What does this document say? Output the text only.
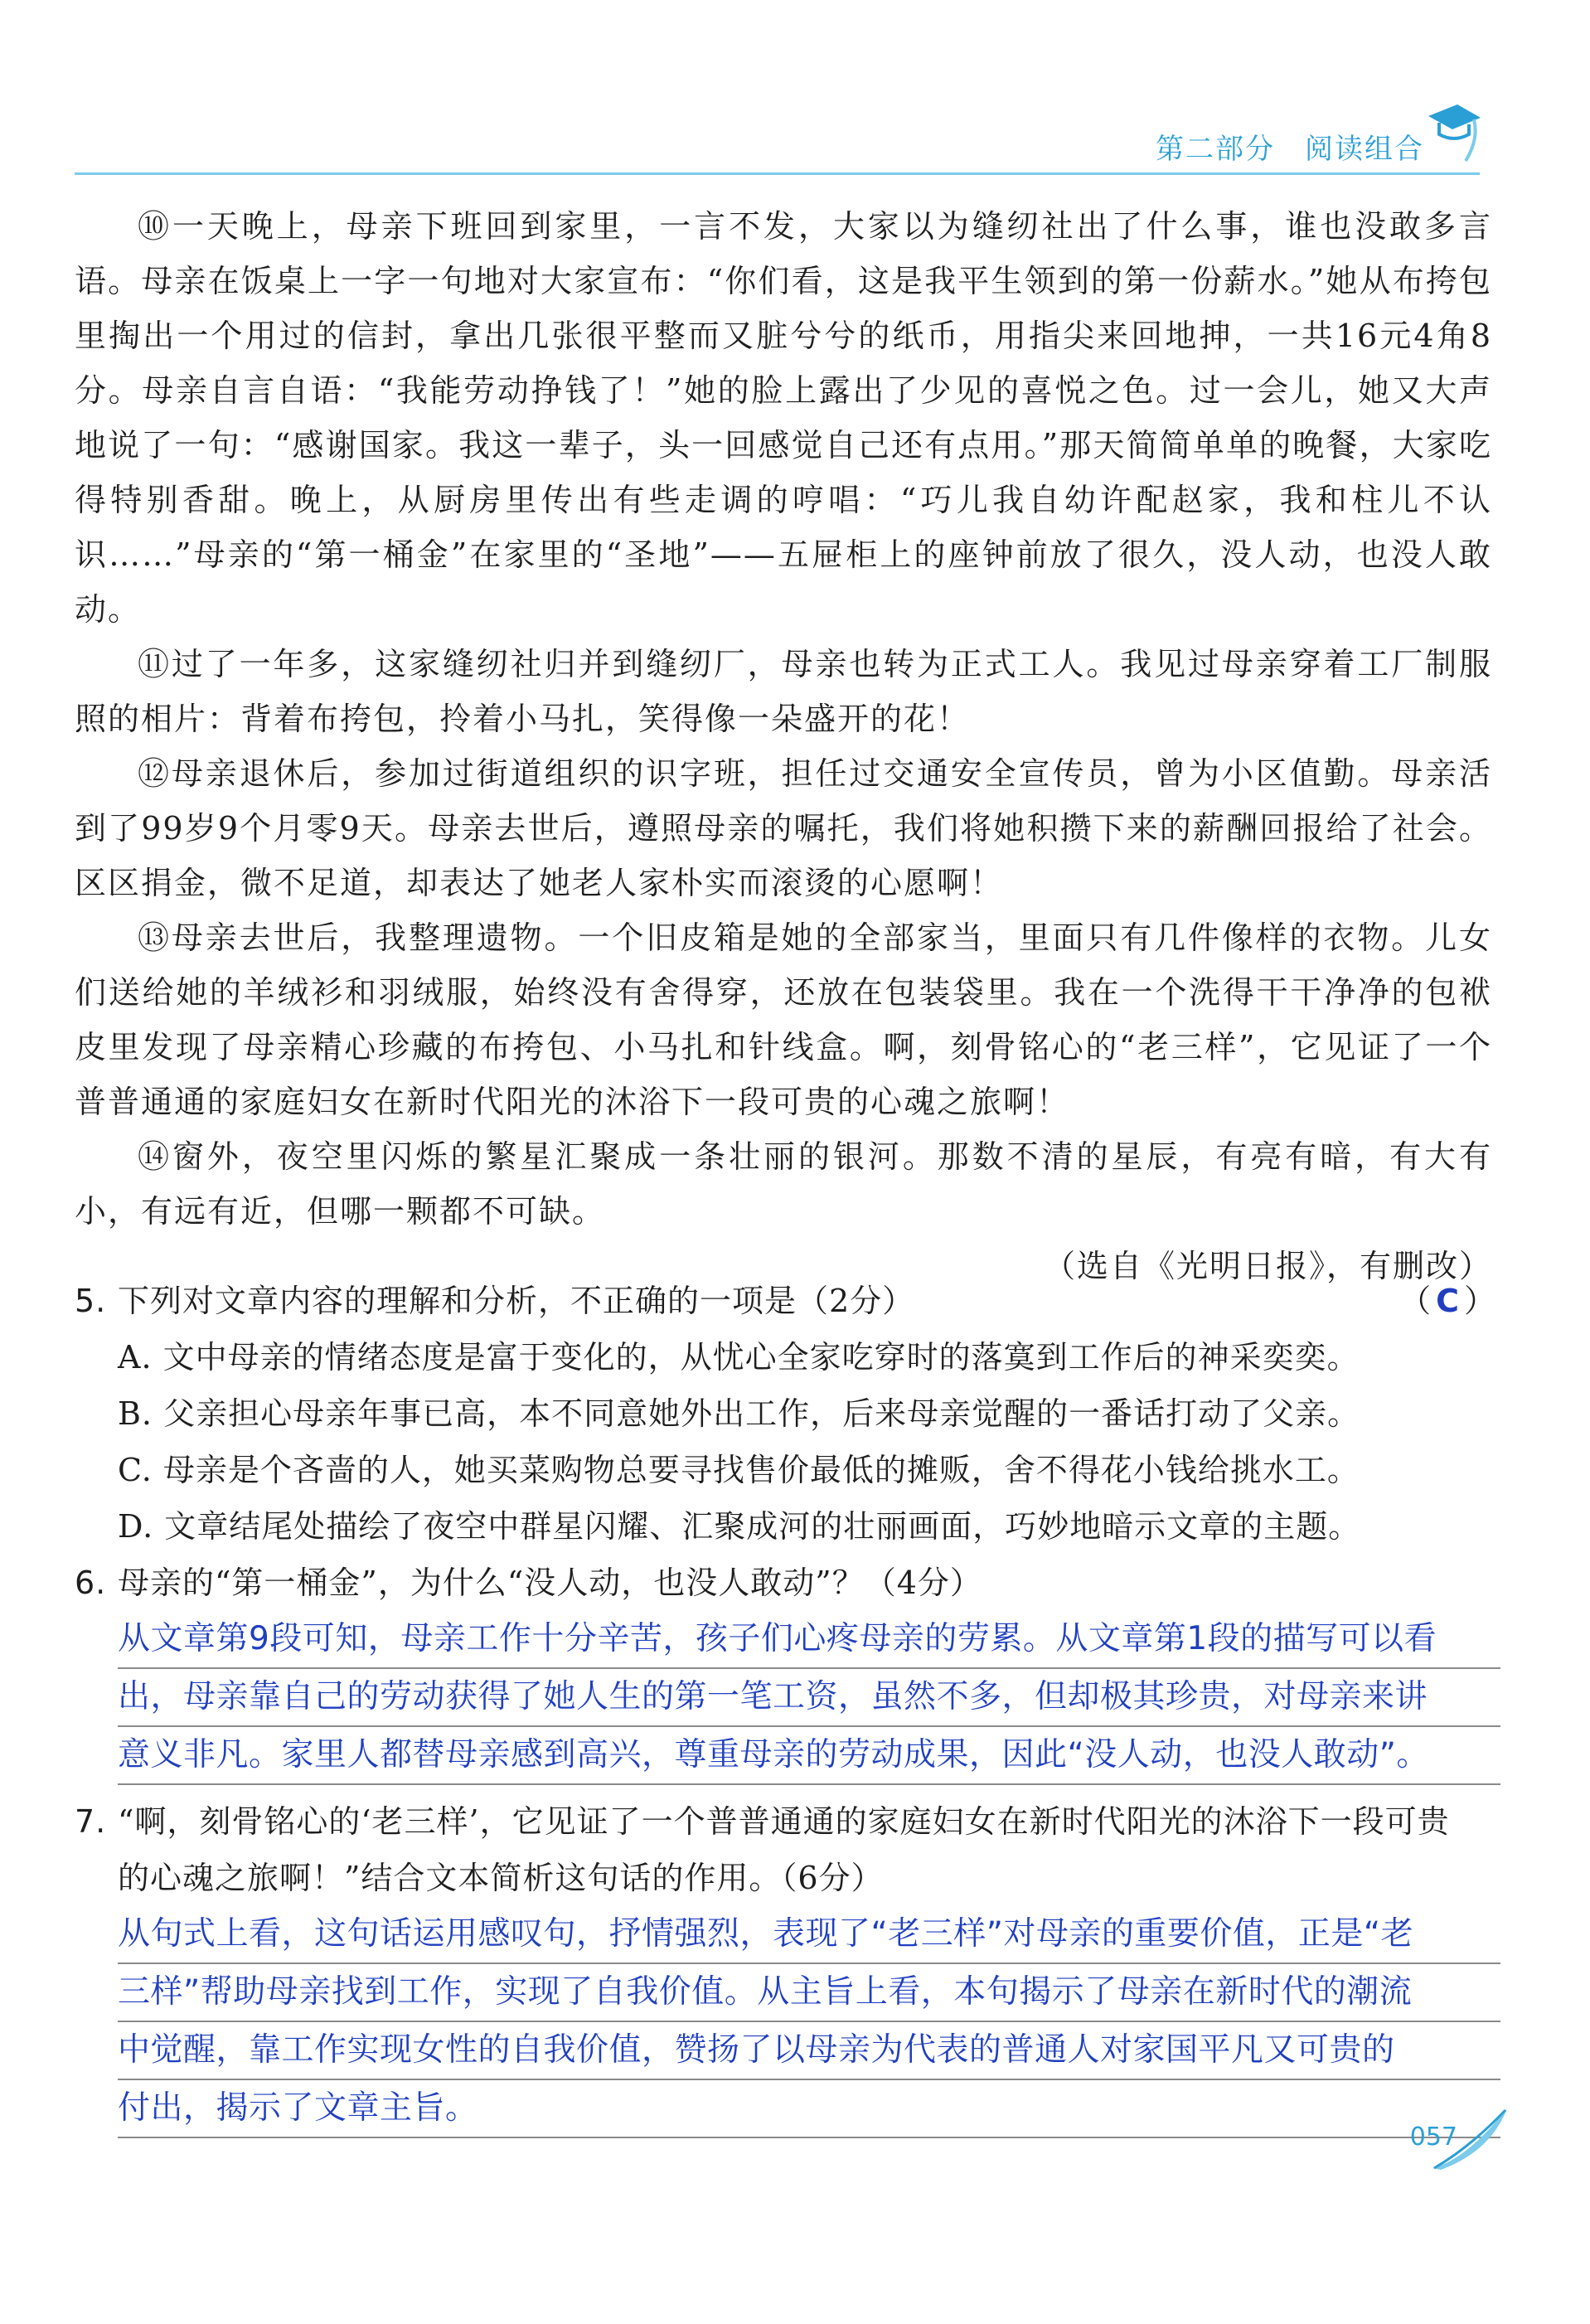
第二部分　阅读组合

⑩一天晚上，母亲下班回到家里，一言不发，大家以为缝纫社出了什么事，谁也没敢多言语。母亲在饭桌上一字一句地对大家宣布：“你们看，这是我平生领到的第一份薪水。”她从布挎包里掏出一个用过的信封，拿出几张很平整而又脏兮兮的纸币，用指尖来回地抻，一共16元4角8分。母亲自言自语：“我能劳动挣钱了！”她的脸上露出了少见的喜悦之色。过一会儿，她又大声地说了一句：“感谢国家。我这一辈子，头一回感觉自己还有点用。”那天简简单单的晚餐，大家吃得特别香甜。晚上，从厨房里传出有些走调的哼唱：“巧儿我自幼许配赵家，我和柱儿不认识……”母亲的“第一桶金”在家里的“圣地”——五屉柜上的座钟前放了很久，没人动，也没人敢动。

⑪过了一年多，这家缝纫社归并到缝纫厂，母亲也转为正式工人。我见过母亲穿着工厂制服照的相片：背着布挎包，拎着小马扎，笑得像一朵盛开的花！

⑫母亲退休后，参加过街道组织的识字班，担任过交通安全宣传员，曾为小区值勤。母亲活到了99岁9个月零9天。母亲去世后，遵照母亲的嘱托，我们将她积攒下来的薪酬回报给了社会。区区捐金，微不足道，却表达了她老人家朴实而滚烫的心愿啊！

⑬母亲去世后，我整理遗物。一个旧皮箱是她的全部家当，里面只有几件像样的衣物。儿女们送给她的羊绒衫和羽绒服，始终没有舍得穿，还放在包装袋里。我在一个洗得干干净净的包袱皮里发现了母亲精心珍藏的布挎包、小马扎和针线盒。啊，刻骨铭心的“老三样”，它见证了一个普普通通的家庭妇女在新时代阳光的沐浴下一段可贵的心魂之旅啊！

⑭窗外，夜空里闪烁的繁星汇聚成一条壮丽的银河。那数不清的星辰，有亮有暗，有大有小，有远有近，但哪一颗都不可缺。

（选自《光明日报》，有删改）
5. 下列对文章内容的理解和分析，不正确的一项是（2分）	（C）
A. 文中母亲的情绪态度是富于变化的，从忧心全家吃穿时的落寞到工作后的神采奕奕。
B. 父亲担心母亲年事已高，本不同意她外出工作，后来母亲觉醒的一番话打动了父亲。
C. 母亲是个吝啬的人，她买菜购物总要寻找售价最低的摊贩，舍不得花小钱给挑水工。
D. 文章结尾处描绘了夜空中群星闪耀、汇聚成河的壮丽画面，巧妙地暗示文章的主题。
6. 母亲的“第一桶金”，为什么“没人动，也没人敢动”？（4分）
从文章第9段可知，母亲工作十分辛苦，孩子们心疼母亲的劳累。从文章第1段的描写可以看
出，母亲靠自己的劳动获得了她人生的第一笔工资，虽然不多，但却极其珍贵，对母亲来讲
意义非凡。家里人都替母亲感到高兴，尊重母亲的劳动成果，因此“没人动，也没人敢动”。
7. “啊，刻骨铭心的‘老三样’，它见证了一个普普通通的家庭妇女在新时代阳光的沐浴下一段可贵
的心魂之旅啊！”结合文本简析这句话的作用。（6分）
从句式上看，这句话运用感叹句，抒情强烈，表现了“老三样”对母亲的重要价值，正是“老
三样”帮助母亲找到工作，实现了自我价值。从主旨上看，本句揭示了母亲在新时代的潮流
中觉醒，靠工作实现女性的自我价值，赞扬了以母亲为代表的普通人对家国平凡又可贵的
付出，揭示了文章主旨。
057
